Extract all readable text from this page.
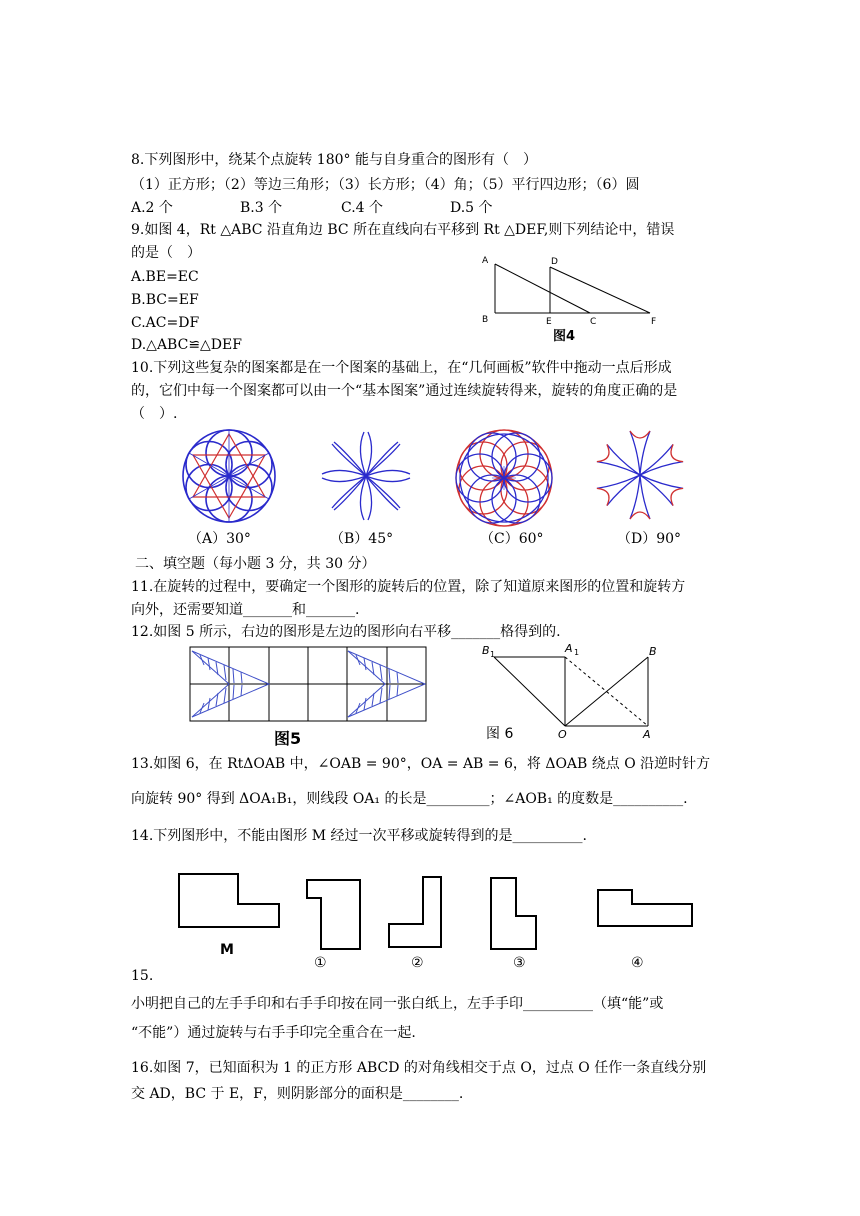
8.下列图形中，绕某个点旋转 180° 能与自身重合的图形有（　）
（1）正方形；（2）等边三角形；（3）长方形；（4）角；（5）平行四边形；（6）圆
A.2 个	B.3 个	C.4 个	D.5 个
9.如图 4，Rt △ABC 沿直角边 BC 所在直线向右平移到 Rt △DEF,则下列结论中，错误
的是（　）
A.BE=EC
B.BC=EF
C.AC=DF
D.△ABC≌△DEF
A
B
D
E	C	F
图4
10.下列这些复杂的图案都是在一个图案的基础上，在“几何画板”软件中拖动一点后形成
的，它们中每一个图案都可以由一个“基本图案”通过连续旋转得来，旋转的角度正确的是
（　）.
（A）30°	（B）45°	（C）60°	（D）90°
二、填空题（每小题 3 分，共 30 分）
11.在旋转的过程中，要确定一个图形的旋转后的位置，除了知道原来图形的位置和旋转方
向外，还需要知道_______和_______.
12.如图 5 所示，右边的图形是左边的图形向右平移_______格得到的.
图5
B 1	A 1	B
O	A
图 6
13.如图 6，在 RtΔOAB 中，∠OAB = 90°，OA = AB = 6，将 ΔOAB 绕点 O 沿逆时针方
向旋转 90° 得到 ΔOA₁B₁，则线段 OA₁ 的长是_________；∠AOB₁ 的度数是__________.
14.下列图形中，不能由图形 M 经过一次平移或旋转得到的是__________.
M
①	②	③	④
15.
小明把自己的左手手印和右手手印按在同一张白纸上，左手手印__________（填“能”或
“不能”）通过旋转与右手手印完全重合在一起.
16.如图 7，已知面积为 1 的正方形 ABCD 的对角线相交于点 O，过点 O 任作一条直线分别
交 AD，BC 于 E，F，则阴影部分的面积是________.
